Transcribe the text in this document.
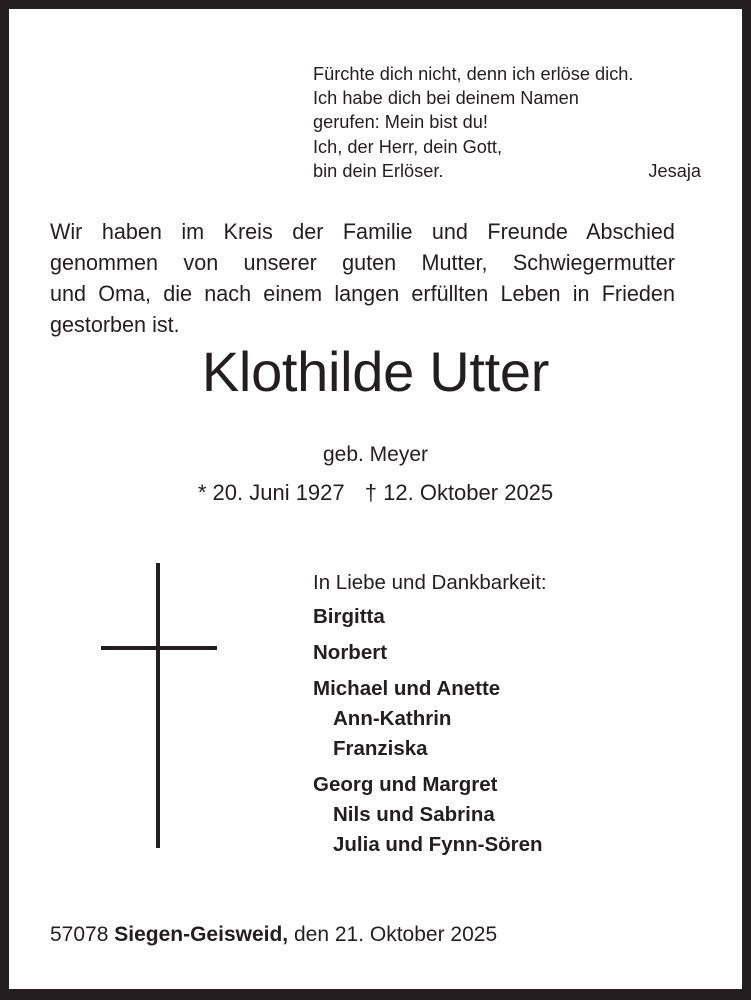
Fürchte dich nicht, denn ich erlöse dich.
Ich habe dich bei deinem Namen
gerufen: Mein bist du!
Ich, der Herr, dein Gott,
bin dein Erlöser.	Jesaja
Wir haben im Kreis der Familie und Freunde Abschied
genommen von unserer guten Mutter, Schwiegermutter
und Oma, die nach einem langen erfüllten Leben in Frieden
gestorben ist.
Klothilde Utter
geb. Meyer
* 20. Juni 1927 † 12. Oktober 2025
In Liebe und Dankbarkeit:
Birgitta
Norbert
Michael und Anette
Ann-Kathrin
Franziska
Georg und Margret
Nils und Sabrina
Julia und Fynn-Sören
57078 Siegen-Geisweid, den 21. Oktober 2025
